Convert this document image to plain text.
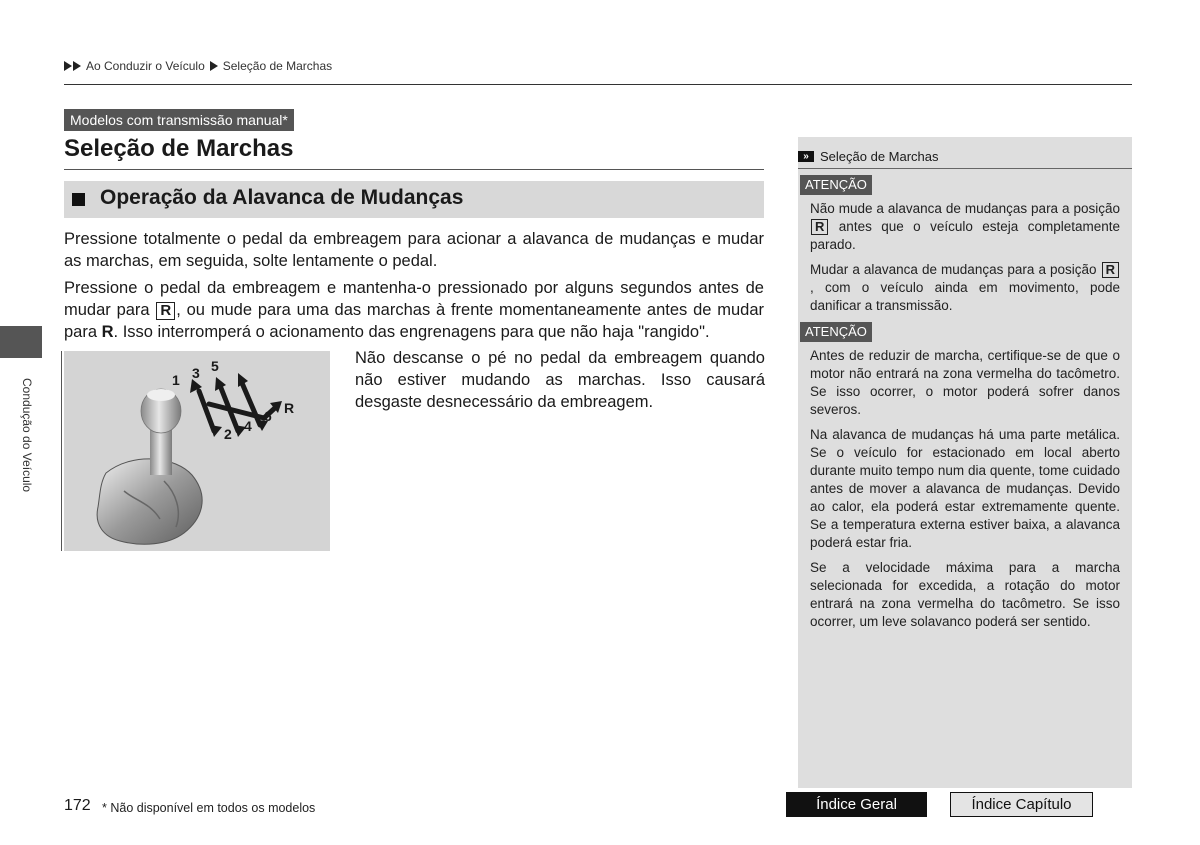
Ao Conduzir o Veículo Seleção de Marchas
Modelos com transmissão manual*
Seleção de Marchas
Operação da Alavanca de Mudanças
Pressione totalmente o pedal da embreagem para acionar a alavanca de mudanças e mudar as marchas, em seguida, solte lentamente o pedal.
Pressione o pedal da embreagem e mantenha-o pressionado por alguns segundos antes de mudar para R , ou mude para uma das marchas à frente momentaneamente antes de mudar para R. Isso interromperá o acionamento das engrenagens para que não haja "rangido".
1 3 5
2 4
6 R
Não descanse o pé no pedal da embreagem quando não estiver mudando as marchas. Isso causará desgaste desnecessário da embreagem.
Condução do Veículo
» Seleção de Marchas
ATENÇÃO
Não mude a alavanca de mudanças para a posição R antes que o veículo esteja completamente parado.
Mudar a alavanca de mudanças para a posição R, com o veículo ainda em movimento, pode danificar a transmissão.
ATENÇÃO
Antes de reduzir de marcha, certifique-se de que o motor não entrará na zona vermelha do tacômetro. Se isso ocorrer, o motor poderá sofrer danos severos.
Na alavanca de mudanças há uma parte metálica. Se o veículo for estacionado em local aberto durante muito tempo num dia quente, tome cuidado antes de mover a alavanca de mudanças. Devido ao calor, ela poderá estar extremamente quente. Se a temperatura externa estiver baixa, a alavanca poderá estar fria.
Se a velocidade máxima para a marcha selecionada for excedida, a rotação do motor entrará na zona vermelha do tacômetro. Se isso ocorrer, um leve solavanco poderá ser sentido.
172 * Não disponível em todos os modelos	Índice Geral	Índice Capítulo
